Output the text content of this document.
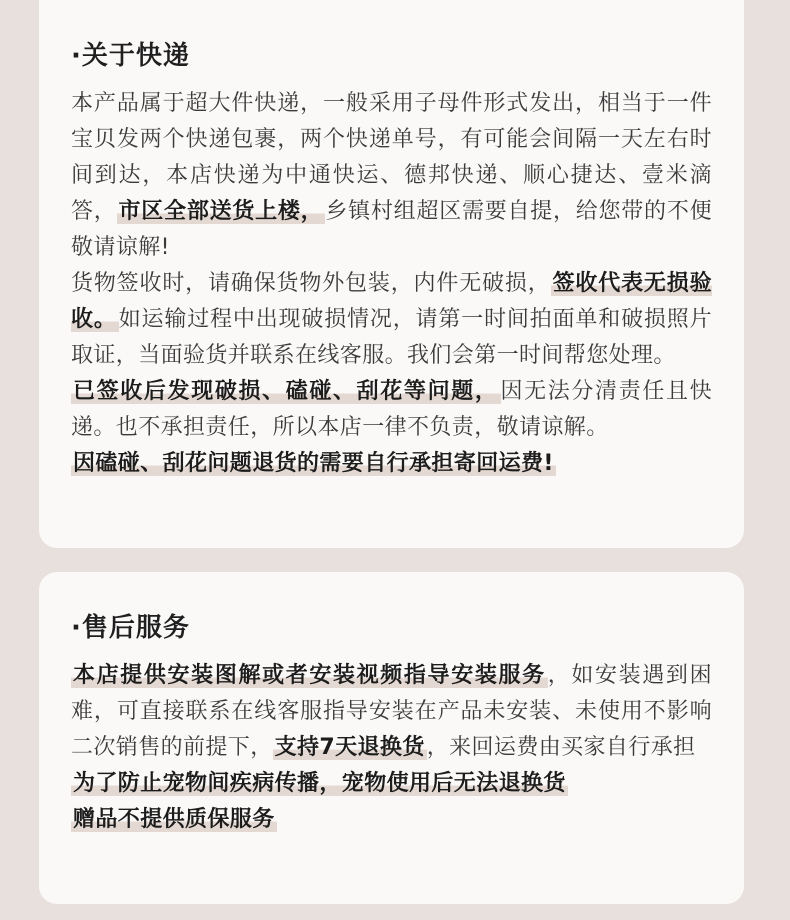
·关于快递

本产品属于超大件快递，一般采用子母件形式发出，相当于一件宝贝发两个快递包裹，两个快递单号，有可能会间隔一天左右时间到达，本店快递为中通快运、德邦快递、顺心捷达、壹米滴答，市区全部送货上楼，乡镇村组超区需要自提，给您带的不便敬请谅解!

货物签收时，请确保货物外包装，内件无破损，签收代表无损验收。如运输过程中出现破损情况，请第一时间拍面单和破损照片取证，当面验货并联系在线客服。我们会第一时间帮您处理。

已签收后发现破损、磕碰、刮花等问题，因无法分清责任且快递。也不承担责任，所以本店一律不负责，敬请谅解。

因磕碰、刮花问题退货的需要自行承担寄回运费!

·售后服务

本店提供安装图解或者安装视频指导安装服务，如安装遇到困难，可直接联系在线客服指导安装在产品未安装、未使用不影响二次销售的前提下，支持7天退换货，来回运费由买家自行承担

为了防止宠物间疾病传播，宠物使用后无法退换货

赠品不提供质保服务
